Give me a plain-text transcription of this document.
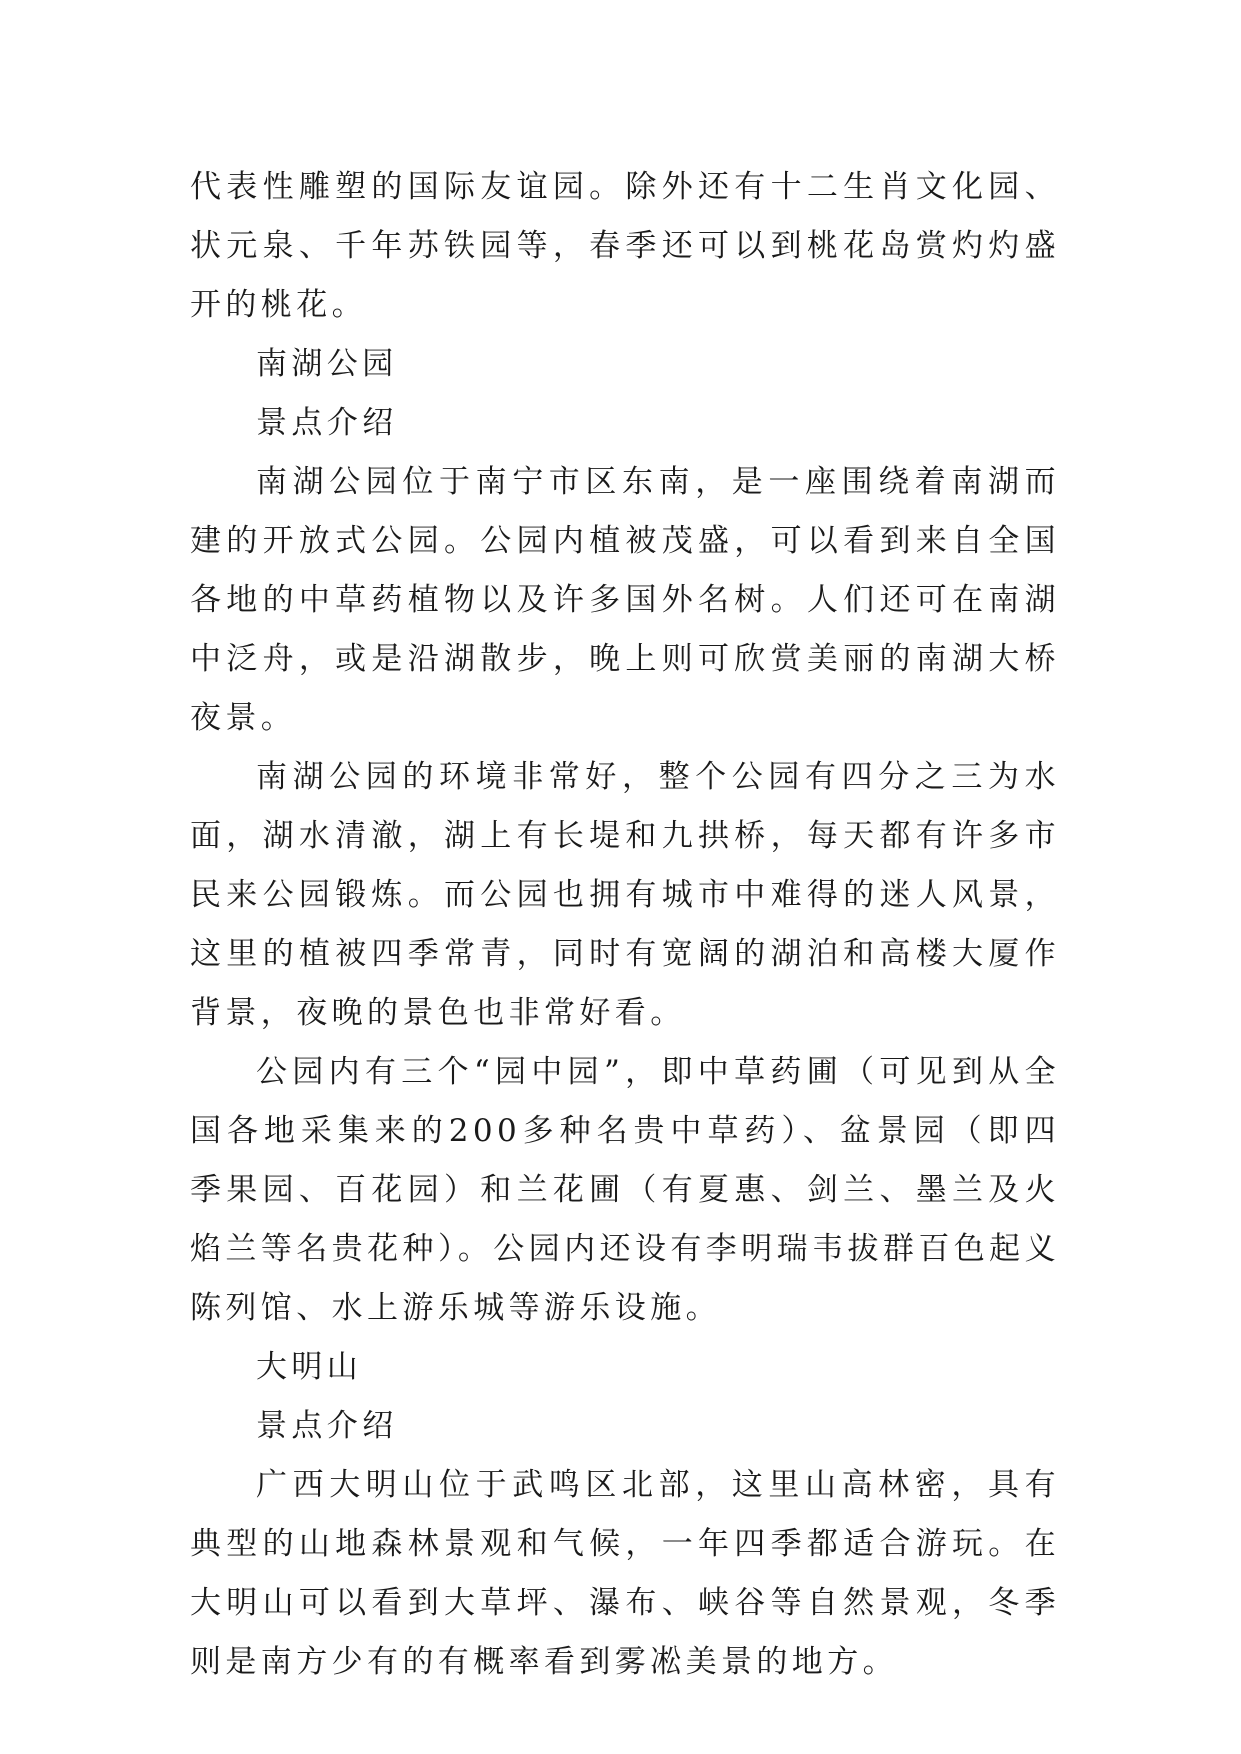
代表性雕塑的国际友谊园。除外还有十二生肖文化园、状元泉、千年苏铁园等，春季还可以到桃花岛赏灼灼盛开的桃花。

南湖公园

景点介绍

南湖公园位于南宁市区东南，是一座围绕着南湖而建的开放式公园。公园内植被茂盛，可以看到来自全国各地的中草药植物以及许多国外名树。人们还可在南湖中泛舟，或是沿湖散步，晚上则可欣赏美丽的南湖大桥夜景。

南湖公园的环境非常好，整个公园有四分之三为水面，湖水清澈，湖上有长堤和九拱桥，每天都有许多市民来公园锻炼。而公园也拥有城市中难得的迷人风景，这里的植被四季常青，同时有宽阔的湖泊和高楼大厦作背景，夜晚的景色也非常好看。

公园内有三个“园中园”，即中草药圃（可见到从全国各地采集来的200多种名贵中草药）、盆景园（即四季果园、百花园）和兰花圃（有夏惠、剑兰、墨兰及火焰兰等名贵花种）。公园内还设有李明瑞韦拔群百色起义陈列馆、水上游乐城等游乐设施。

大明山

景点介绍

广西大明山位于武鸣区北部，这里山高林密，具有典型的山地森林景观和气候，一年四季都适合游玩。在大明山可以看到大草坪、瀑布、峡谷等自然景观，冬季则是南方少有的有概率看到雾凇美景的地方。
